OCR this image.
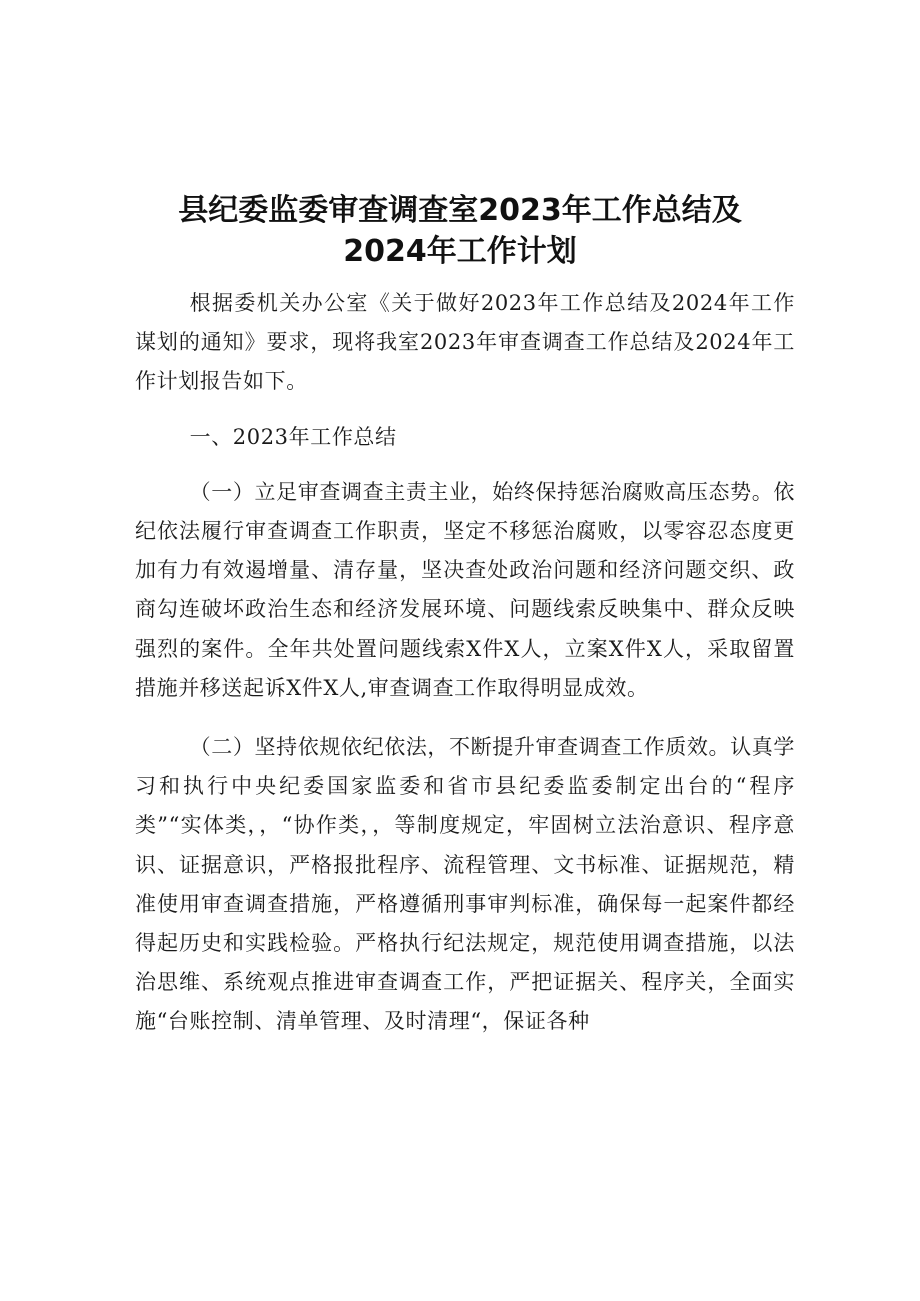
县纪委监委审查调查室2023年工作总结及
2024年工作计划

根据委机关办公室《关于做好2023年工作总结及2024年工作谋划的通知》要求，现将我室2023年审查调查工作总结及2024年工作计划报告如下。

一、2023年工作总结

（一）立足审查调查主责主业，始终保持惩治腐败高压态势。依纪依法履行审查调查工作职责，坚定不移惩治腐败，以零容忍态度更加有力有效遏增量、清存量，坚决查处政治问题和经济问题交织、政商勾连破坏政治生态和经济发展环境、问题线索反映集中、群众反映强烈的案件。全年共处置问题线索X件X人，立案X件X人，采取留置措施并移送起诉X件X人,审查调查工作取得明显成效。

（二）坚持依规依纪依法，不断提升审查调查工作质效。认真学习和执行中央纪委国家监委和省市县纪委监委制定出台的“程序类”“实体类，，“协作类，，等制度规定，牢固树立法治意识、程序意识、证据意识，严格报批程序、流程管理、文书标准、证据规范，精准使用审查调查措施，严格遵循刑事审判标准，确保每一起案件都经得起历史和实践检验。严格执行纪法规定，规范使用调查措施，以法治思维、系统观点推进审查调查工作，严把证据关、程序关，全面实施“台账控制、清单管理、及时清理“，保证各种
